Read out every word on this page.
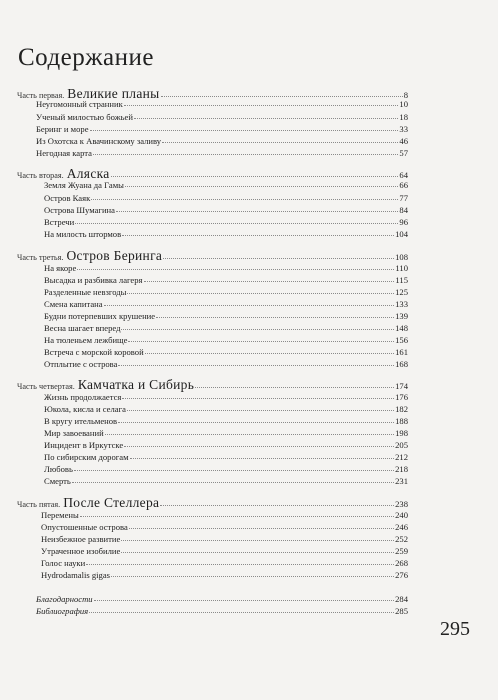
Содержание
Часть первая. Великие планы	8
Неугомонный странник	10
Ученый милостью божьей	18
Беринг и море	33
Из Охотска к Авачинскому заливу	46
Негодная карта	57
Часть вторая. Аляска	64
Земля Жуана да Гамы	66
Остров Каяк	77
Острова Шумагина	84
Встречи	96
На милость штормов	104
Часть третья. Остров Беринга	108
На якоре	110
Высадка и разбивка лагеря	115
Разделенные невзгоды	125
Смена капитана	133
Будни потерпевших крушение	139
Весна шагает вперед	148
На тюленьем лежбище	156
Встреча с морской коровой	161
Отплытие с острова	168
Часть четвертая. Камчатка и Сибирь	174
Жизнь продолжается	176
Юкола, кисла и селага	182
В кругу ительменов	188
Мир завоеваний	198
Инцидент в Иркутске	205
По сибирским дорогам	212
Любовь	218
Смерть	231
Часть пятая. После Стеллера	238
Перемены	240
Опустошенные острова	246
Неизбежное развитие	252
Утраченное изобилие	259
Голос науки	268
Hydrodamalis gigas	276
Благодарности	284
Библиография	285
295
